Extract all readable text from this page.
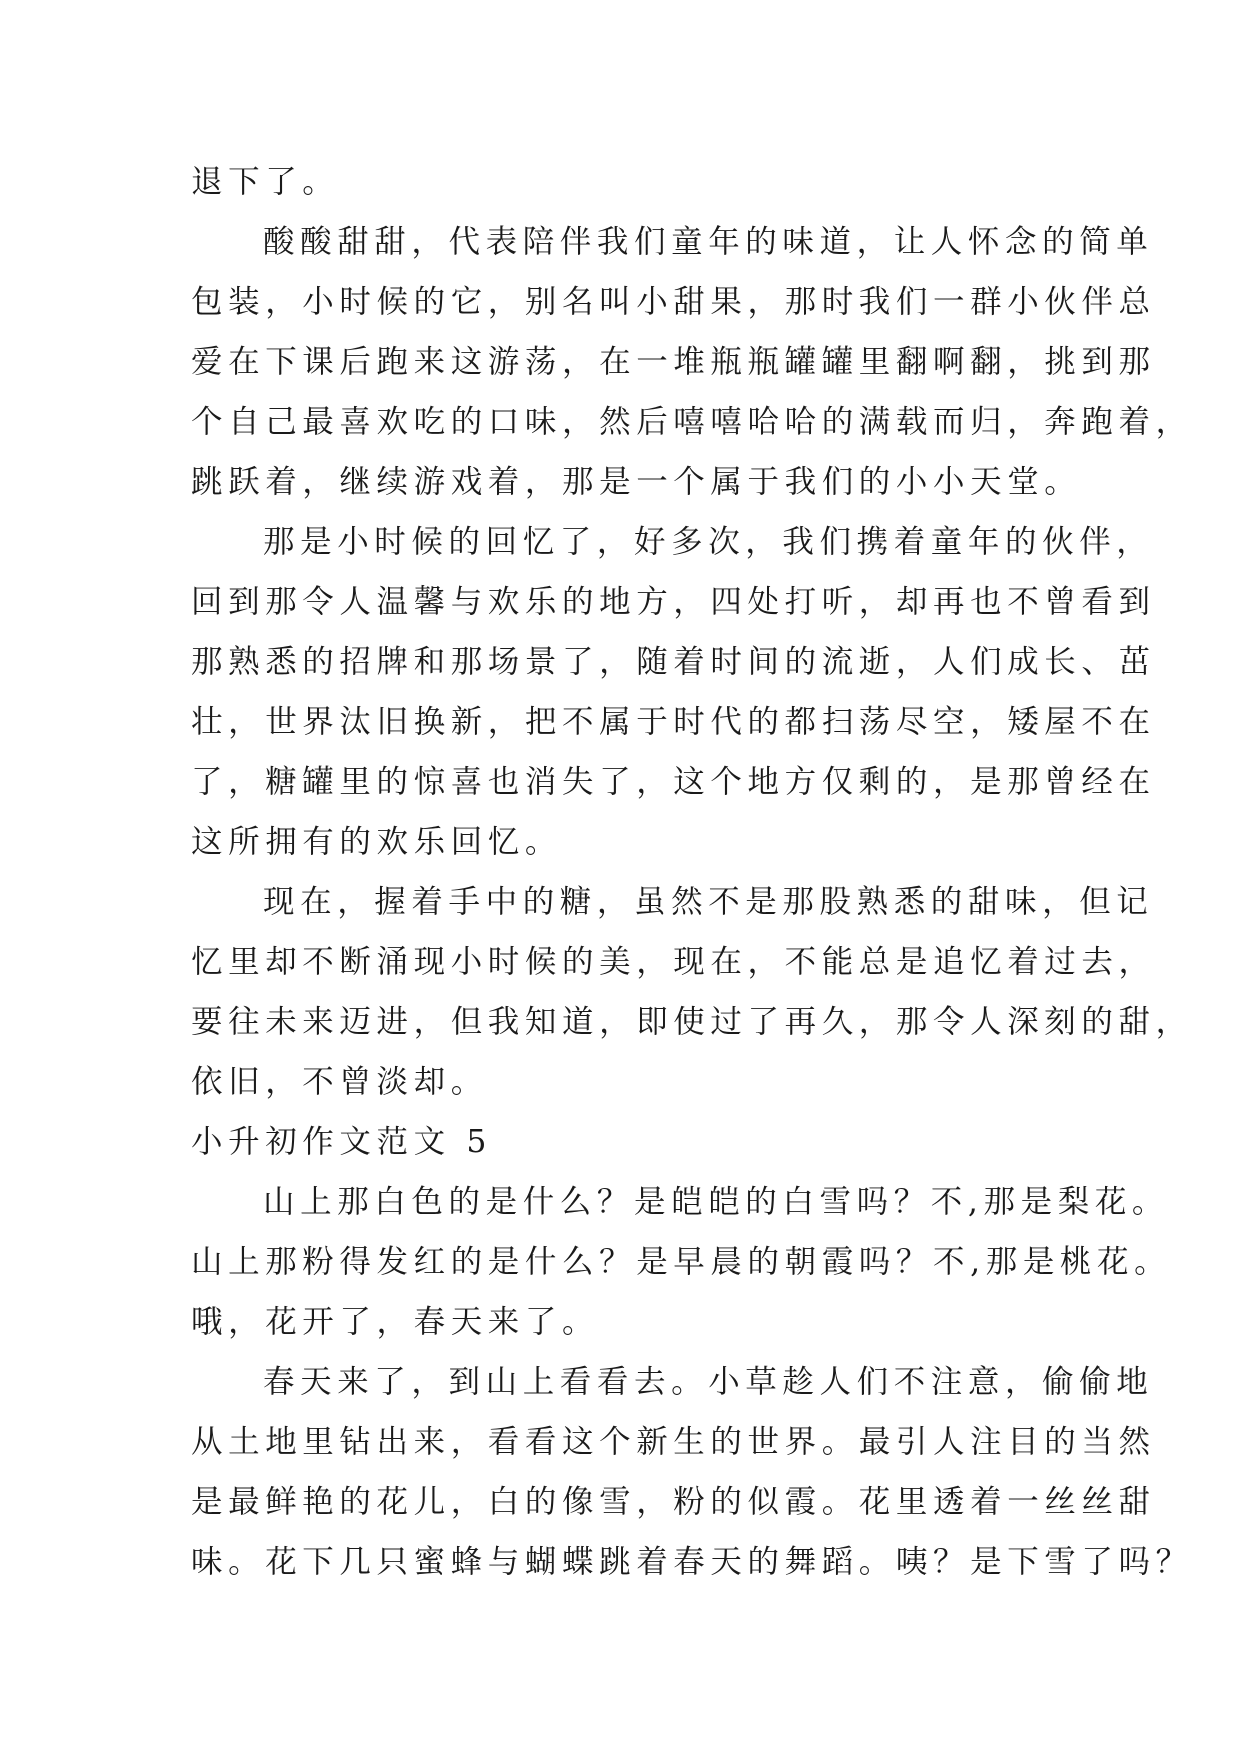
退下了。
酸酸甜甜，代表陪伴我们童年的味道，让人怀念的简单
包装，小时候的它，别名叫小甜果，那时我们一群小伙伴总
爱在下课后跑来这游荡，在一堆瓶瓶罐罐里翻啊翻，挑到那
个自己最喜欢吃的口味，然后嘻嘻哈哈的满载而归，奔跑着，
跳跃着，继续游戏着，那是一个属于我们的小小天堂。
那是小时候的回忆了，好多次，我们携着童年的伙伴，
回到那令人温馨与欢乐的地方，四处打听，却再也不曾看到
那熟悉的招牌和那场景了，随着时间的流逝，人们成长、茁
壮，世界汰旧换新，把不属于时代的都扫荡尽空，矮屋不在
了，糖罐里的惊喜也消失了，这个地方仅剩的，是那曾经在
这所拥有的欢乐回忆。
现在，握着手中的糖，虽然不是那股熟悉的甜味，但记
忆里却不断涌现小时候的美，现在，不能总是追忆着过去，
要往未来迈进，但我知道，即使过了再久，那令人深刻的甜，
依旧，不曾淡却。
小升初作文范文 5
山上那白色的是什么？是皑皑的白雪吗？不,那是梨花。
山上那粉得发红的是什么？是早晨的朝霞吗？不,那是桃花。
哦，花开了，春天来了。
春天来了，到山上看看去。小草趁人们不注意，偷偷地
从土地里钻出来，看看这个新生的世界。最引人注目的当然
是最鲜艳的花儿，白的像雪，粉的似霞。花里透着一丝丝甜
味。花下几只蜜蜂与蝴蝶跳着春天的舞蹈。咦？是下雪了吗？
